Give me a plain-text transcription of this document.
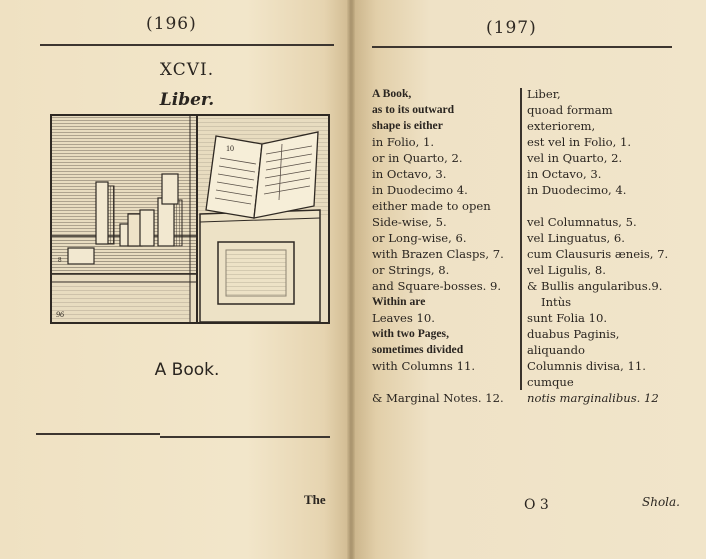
(196)
XCVI.
Liber.
8
10
96
A Book.
The
(197)
A Book,
as to its outward
shape is either
in Folio, 1.
or in Quarto, 2.
in Octavo, 3.
in Duodecimo 4.
either made to open
Side-wise, 5.
or Long-wise, 6.
with Brazen Clasps, 7.
or Strings, 8.
and Square-bosses. 9.
Within are
Leaves 10.
with two Pages,
sometimes divided
with Columns 11.
& Marginal Notes. 12.
Liber,
quoad formam
exteriorem,
est vel in Folio, 1.
vel in Quarto, 2.
in Octavo, 3.
in Duodecimo, 4.
vel Columnatus, 5.
vel Linguatus, 6.
cum Clausuris æneis, 7.
vel Ligulis, 8.
& Bullis angularibus.9.
Intùs
sunt Folia 10.
duabus Paginis,
aliquando
Columnis divisa, 11.
cumque
notis marginalibus. 12
O 3	Shola.
